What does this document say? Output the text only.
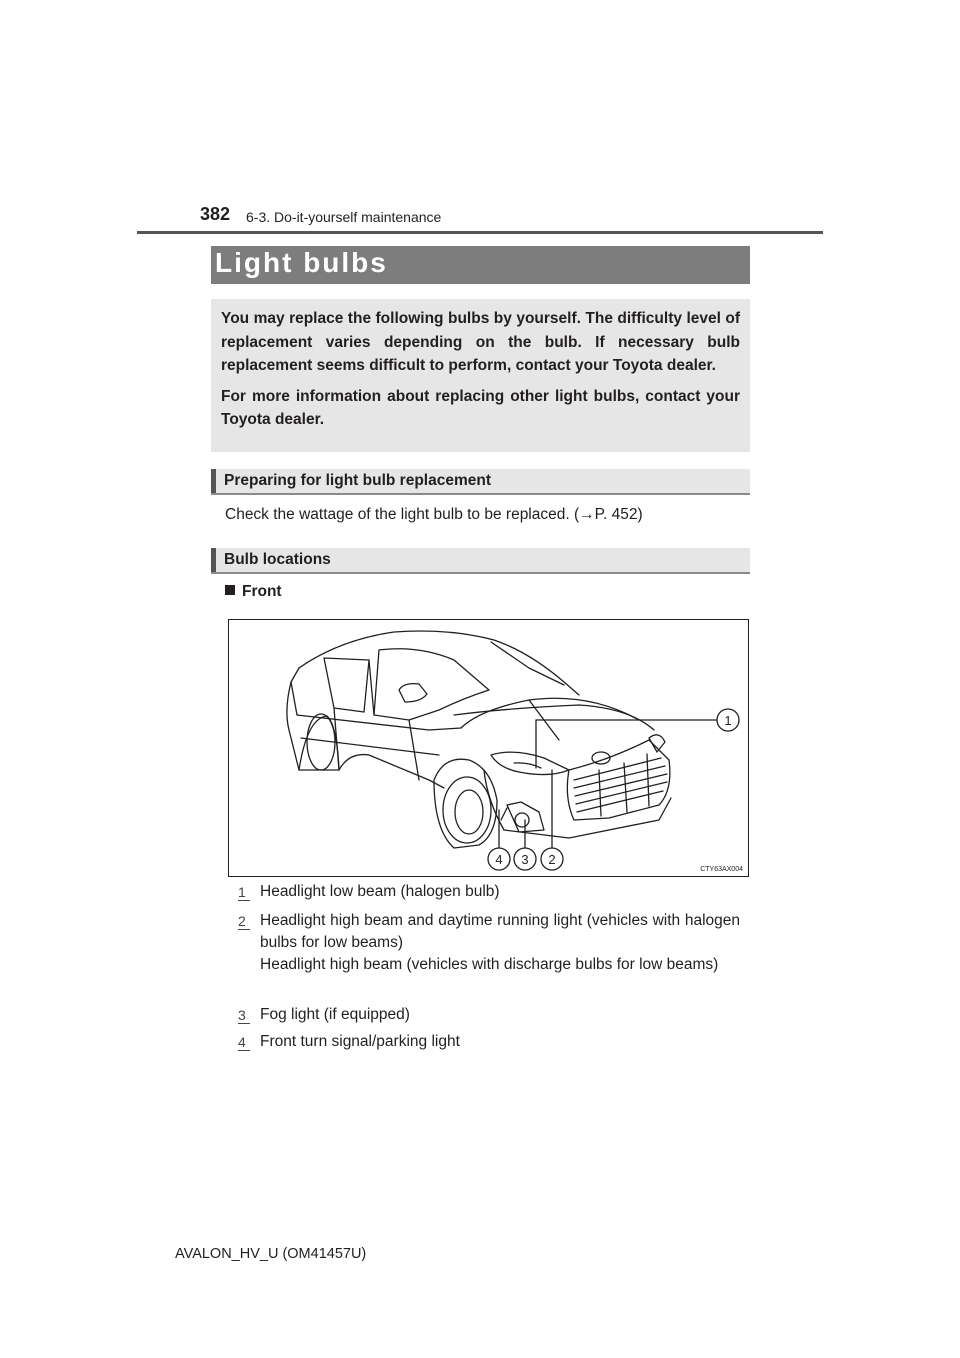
382 6-3. Do-it-yourself maintenance
Light bulbs

You may replace the following bulbs by yourself. The difficulty level of replacement varies depending on the bulb. If necessary bulb replacement seems difficult to perform, contact your Toyota dealer.

For more information about replacing other light bulbs, contact your Toyota dealer.

Preparing for light bulb replacement
Check the wattage of the light bulb to be replaced. (→P. 452)
Bulb locations
Front
1
4 3 2
CTY63AX004
1 Headlight low beam (halogen bulb)
2 Headlight high beam and daytime running light (vehicles with halogen bulbs for low beams)
Headlight high beam (vehicles with discharge bulbs for low beams)
3 Fog light (if equipped)
4 Front turn signal/parking light
AVALON_HV_U (OM41457U)
